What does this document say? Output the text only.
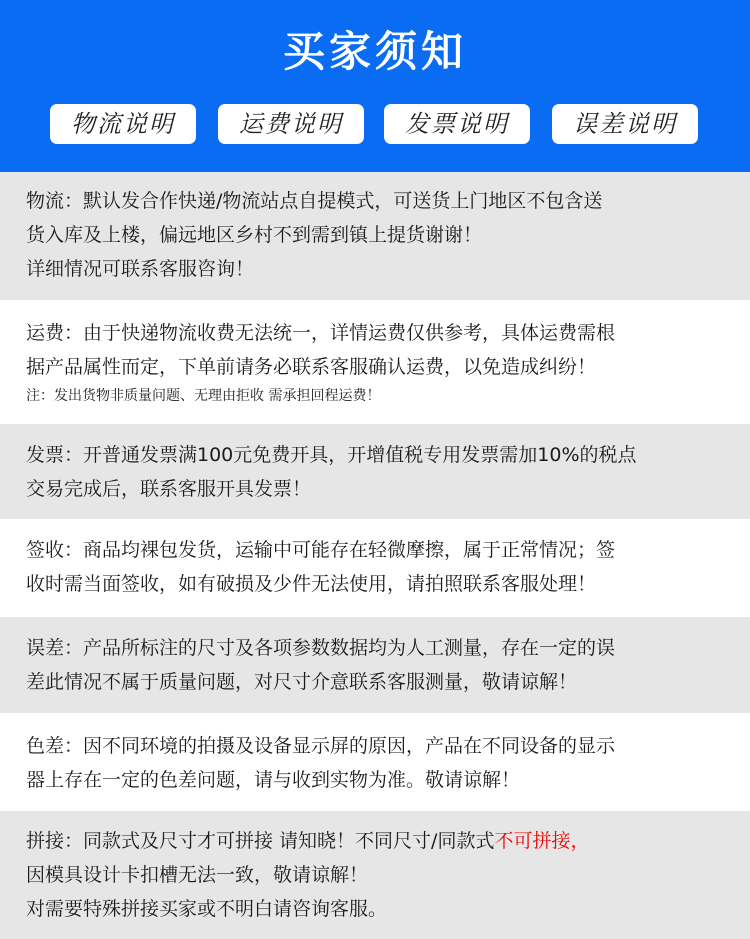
买家须知
物流说明	运费说明	发票说明	误差说明
物流：默认发合作快递/物流站点自提模式，可送货上门地区不包含送
货入库及上楼，偏远地区乡村不到需到镇上提货谢谢！
详细情况可联系客服咨询！
运费：由于快递物流收费无法统一，详情运费仅供参考，具体运费需根
据产品属性而定，下单前请务必联系客服确认运费，以免造成纠纷！
注：发出货物非质量问题、无理由拒收 需承担回程运费！
发票：开普通发票满100元免费开具，开增值税专用发票需加10%的税点
交易完成后，联系客服开具发票！
签收：商品均裸包发货，运输中可能存在轻微摩擦，属于正常情况；签
收时需当面签收，如有破损及少件无法使用，请拍照联系客服处理！
误差：产品所标注的尺寸及各项参数数据均为人工测量，存在一定的误
差此情况不属于质量问题，对尺寸介意联系客服测量，敬请谅解！
色差：因不同环境的拍摄及设备显示屏的原因，产品在不同设备的显示
器上存在一定的色差问题，请与收到实物为准。敬请谅解！
拼接：同款式及尺寸才可拼接 请知晓！不同尺寸/同款式不可拼接，
因模具设计卡扣槽无法一致，敬请谅解！
对需要特殊拼接买家或不明白请咨询客服。
